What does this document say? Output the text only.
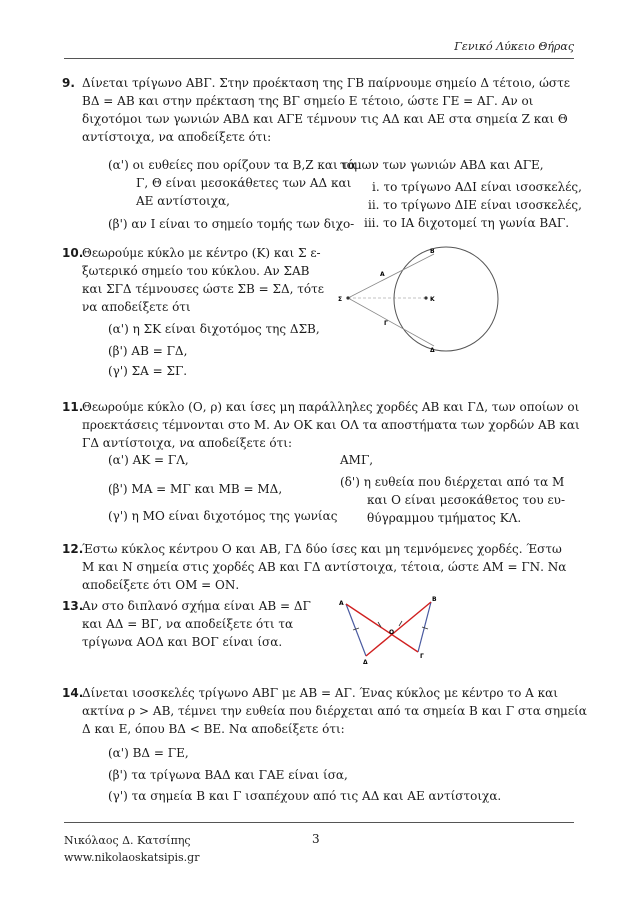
Γενικό Λύκειο Θήρας
9. Δίνεται τρίγωνο ΑΒΓ. Στην προέκταση της ΓΒ παίρνουμε σημείο Δ τέτοιο, ώστε
ΒΔ = ΑΒ και στην πρέκταση της ΒΓ σημείο Ε τέτοιο, ώστε ΓΕ = ΑΓ. Αν οι
διχοτόμοι των γωνιών ΑΒΔ και ΑΓΕ τέμνουν τις ΑΔ και ΑΕ στα σημεία Ζ και Θ
αντίστοιχα, να αποδείξετε ότι:
(α') οι ευθείες που ορίζουν τα Β,Ζ και τα
Γ, Θ είναι μεσοκάθετες των ΑΔ και
ΑΕ αντίστοιχα,
(β') αν Ι είναι το σημείο τομής των διχο-
τόμων των γωνιών ΑΒΔ και ΑΓΕ,
i. το τρίγωνο ΑΔΙ είναι ισοσκελές,
ii. το τρίγωνο ΔΙΕ είναι ισοσκελές,
iii. το ΙΑ διχοτομεί τη γωνία ΒΑΓ.
10.
Θεωρούμε κύκλο με κέντρο (Κ) και Σ ε-
ξωτερικό σημείο του κύκλου. Αν ΣΑΒ
και ΣΓΔ τέμνουσες ώστε ΣΒ = ΣΔ, τότε
να αποδείξετε ότι
(α') η ΣΚ είναι διχοτόμος της ΔΣΒ,
(β') ΑΒ = ΓΔ,
(γ') ΣΑ = ΣΓ.
Β
Α
Σ	Κ
Γ
Δ
11.
Θεωρούμε κύκλο (Ο, ρ) και ίσες μη παράλληλες χορδές ΑΒ και ΓΔ, των οποίων οι
προεκτάσεις τέμνονται στο Μ. Αν ΟΚ και ΟΛ τα αποστήματα των χορδών ΑΒ και
ΓΔ αντίστοιχα, να αποδείξετε ότι:
(α') ΑΚ = ΓΛ,
(β') ΜΑ = ΜΓ και ΜΒ = ΜΔ,
(γ') η ΜΟ είναι διχοτόμος της γωνίας
ΑΜΓ,
(δ') η ευθεία που διέρχεται από τα Μ
και Ο είναι μεσοκάθετος του ευ-
θύγραμμου τμήματος ΚΛ.
12.
Έστω κύκλος κέντρου Ο και ΑΒ, ΓΔ δύο ίσες και μη τεμνόμενες χορδές. Έστω
Μ και Ν σημεία στις χορδές ΑΒ και ΓΔ αντίστοιχα, τέτοια, ώστε ΑΜ = ΓΝ. Να
αποδείξετε ότι ΟΜ = ΟΝ.
13.
Αν στο διπλανό σχήμα είναι ΑΒ = ΔΓ
και ΑΔ = ΒΓ, να αποδείξετε ότι τα
τρίγωνα ΑΟΔ και ΒΟΓ είναι ίσα.
Α
Β
Ο
Δ
Γ
14.
Δίνεται ισοσκελές τρίγωνο ΑΒΓ με ΑΒ = ΑΓ. Ένας κύκλος με κέντρο το Α και
ακτίνα ρ > ΑΒ, τέμνει την ευθεία που διέρχεται από τα σημεία Β και Γ στα σημεία
Δ και Ε, όπου ΒΔ < ΒΕ. Να αποδείξετε ότι:
(α') ΒΔ = ΓΕ,
(β') τα τρίγωνα ΒΑΔ και ΓΑΕ είναι ίσα,
(γ') τα σημεία Β και Γ ισαπέχουν από τις ΑΔ και ΑΕ αντίστοιχα.
Νικόλαος Δ. Κατσίπης
www.nikolaoskatsipis.gr
3
